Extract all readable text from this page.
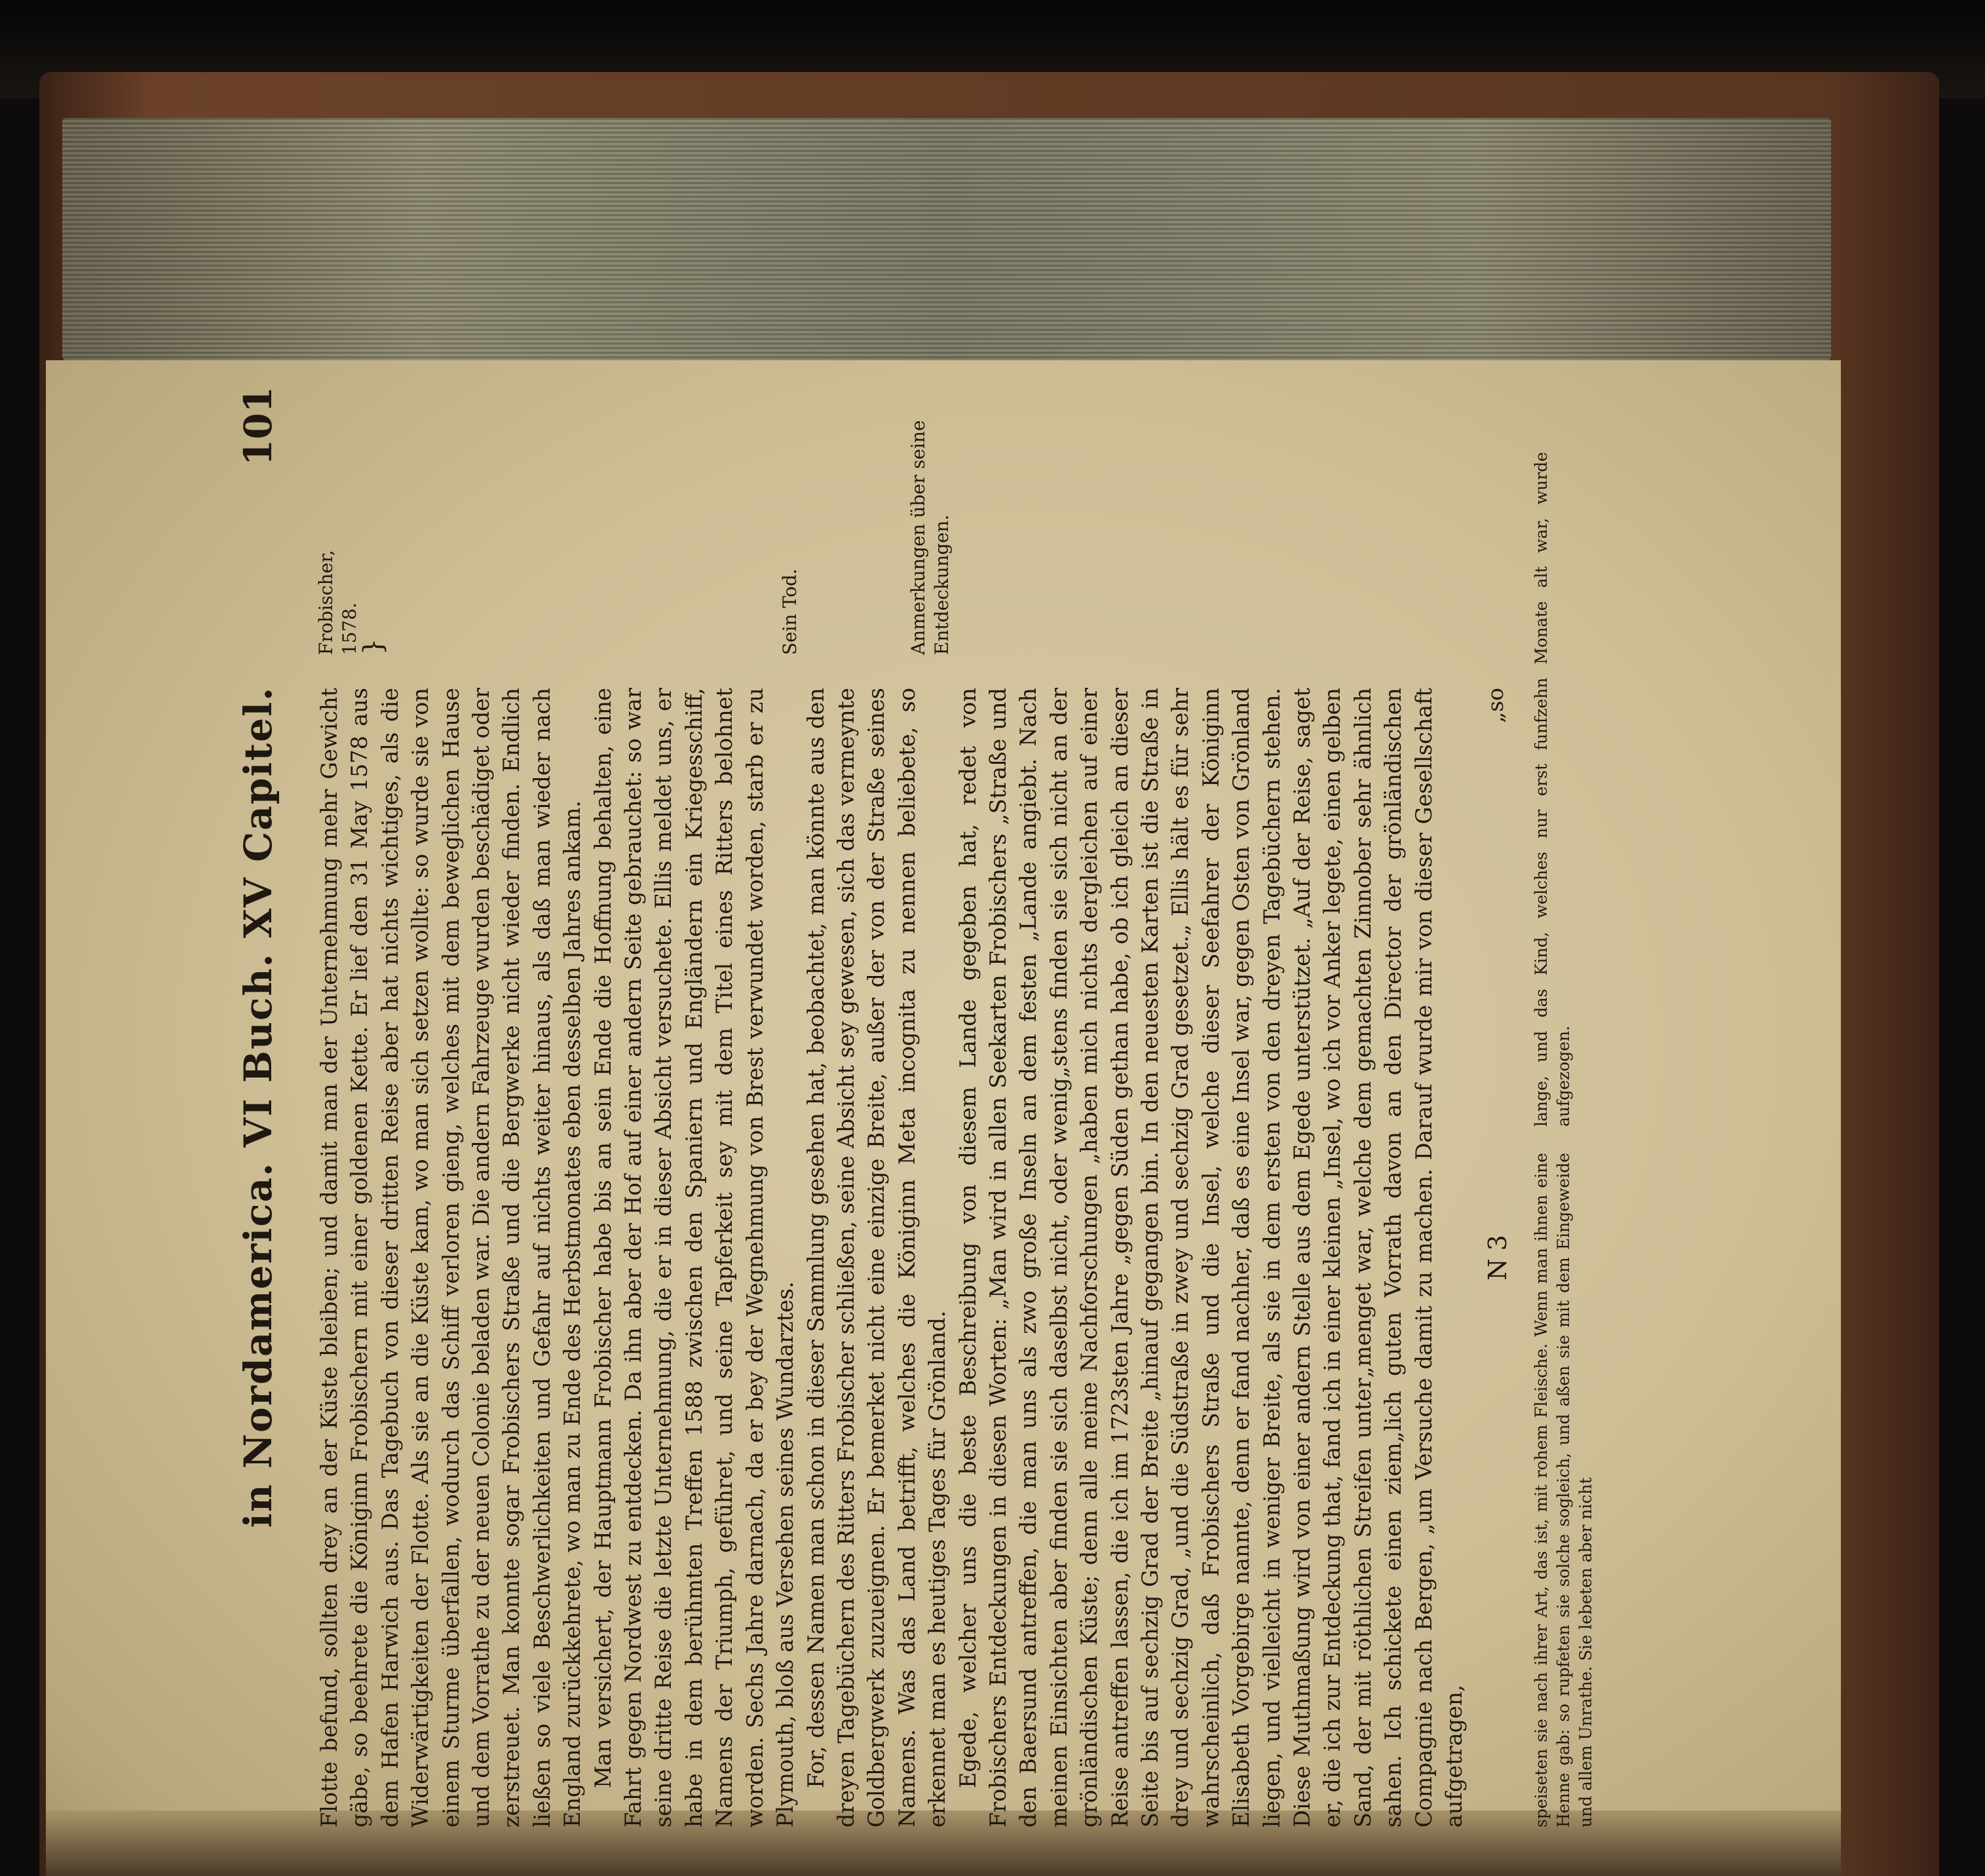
in Nordamerica. VI Buch. XV Capitel.
101

Flotte befund, sollten drey an der Küste bleiben; und damit man der Unternehmung mehr Gewicht gäbe, so beehrete die Königinn Frobischern mit einer goldenen Kette. Er lief den 31 May 1578 aus dem Hafen Harwich aus. Das Tagebuch von dieser dritten Reise aber hat nichts wichtiges, als die Widerwärtigkeiten der Flotte. Als sie an die Küste kam, wo man sich setzen wollte: so wurde sie von einem Sturme überfallen, wodurch das Schiff verloren gieng, welches mit dem beweglichen Hause und dem Vorrathe zu der neuen Colonie beladen war. Die andern Fahrzeuge wurden beschädiget oder zerstreuet. Man konnte sogar Frobischers Straße und die Bergwerke nicht wieder finden. Endlich ließen so viele Beschwerlichkeiten und Gefahr auf nichts weiter hinaus, als daß man wieder nach England zurückkehrete, wo man zu Ende des Herbstmonates eben desselben Jahres ankam. Man versichert, der Hauptmann Frobischer habe bis an sein Ende die Hoffnung behalten, eine Fahrt gegen Nordwest zu entdecken. Da ihn aber der Hof auf einer andern Seite gebrauchet: so war seine dritte Reise die letzte Unternehmung, die er in dieser Absicht versuchete. Ellis meldet uns, er habe in dem berühmten Treffen 1588 zwischen den Spaniern und Engländern ein Kriegesschiff, Namens der Triumph, geführet, und seine Tapferkeit sey mit dem Titel eines Ritters belohnet worden. Sechs Jahre darnach, da er bey der Wegnehmung von Brest verwundet worden, starb er zu Plymouth, bloß aus Versehen seines Wundarztes. For, dessen Namen man schon in dieser Sammlung gesehen hat, beobachtet, man könnte aus den dreyen Tagebüchern des Ritters Frobischer schließen, seine Absicht sey gewesen, sich das vermeynte Goldbergwerk zuzueignen. Er bemerket nicht eine einzige Breite, außer der von der Straße seines Namens. Was das Land betrifft, welches die Königinn Meta incognita zu nennen beliebete, so erkennet man es heutiges Tages für Grönland. Egede, welcher uns die beste Beschreibung von diesem Lande gegeben hat, redet von Frobischers Entdeckungen in diesen Worten: „Man wird in allen Seekarten Frobischers „Straße und den Baersund antreffen, die man uns als zwo große Inseln an dem festen „Lande angiebt. Nach meinen Einsichten aber finden sie sich daselbst nicht, oder wenig„stens finden sie sich nicht an der grönländischen Küste; denn alle meine Nachforschungen „haben mich nichts dergleichen auf einer Reise antreffen lassen, die ich im 1723sten Jahre „gegen Süden gethan habe, ob ich gleich an dieser Seite bis auf sechzig Grad der Breite „hinauf gegangen bin. In den neuesten Karten ist die Straße in drey und sechzig Grad, „und die Südstraße in zwey und sechzig Grad gesetzet.„ Ellis hält es für sehr wahrscheinlich, daß Frobischers Straße und die Insel, welche dieser Seefahrer der Königinn Elisabeth Vorgebirge nannte, denn er fand nachher, daß es eine Insel war, gegen Osten von Grönland liegen, und vielleicht in weniger Breite, als sie in dem ersten von den dreyen Tagebüchern stehen. Diese Muthmaßung wird von einer andern Stelle aus dem Egede unterstützet. „Auf der Reise, saget er, die ich zur Entdeckung that, fand ich in einer kleinen „Insel, wo ich vor Anker legete, einen gelben Sand, der mit röthlichen Streifen unter„menget war, welche dem gemachten Zinnober sehr ähnlich sahen. Ich schickete einen ziem„lich guten Vorrath davon an den Director der grönländischen Compagnie nach Bergen, „um Versuche damit zu machen. Darauf wurde mir von dieser Gesellschaft aufgetragen,

N 3
„so
Frobischer, 1578.
}	Sein Tod.	Anmerkungen über seine Entdeckungen.

speiseten sie nach ihrer Art, das ist, mit rohem Fleische. Wenn man ihnen eine Henne gab: so rupfeten sie solche sogleich, und aßen sie mit dem Eingeweide und allem Unrathe. Sie lebeten aber nicht

lange, und das Kind, welches nur erst funfzehn Monate alt war, wurde aufgezogen.
